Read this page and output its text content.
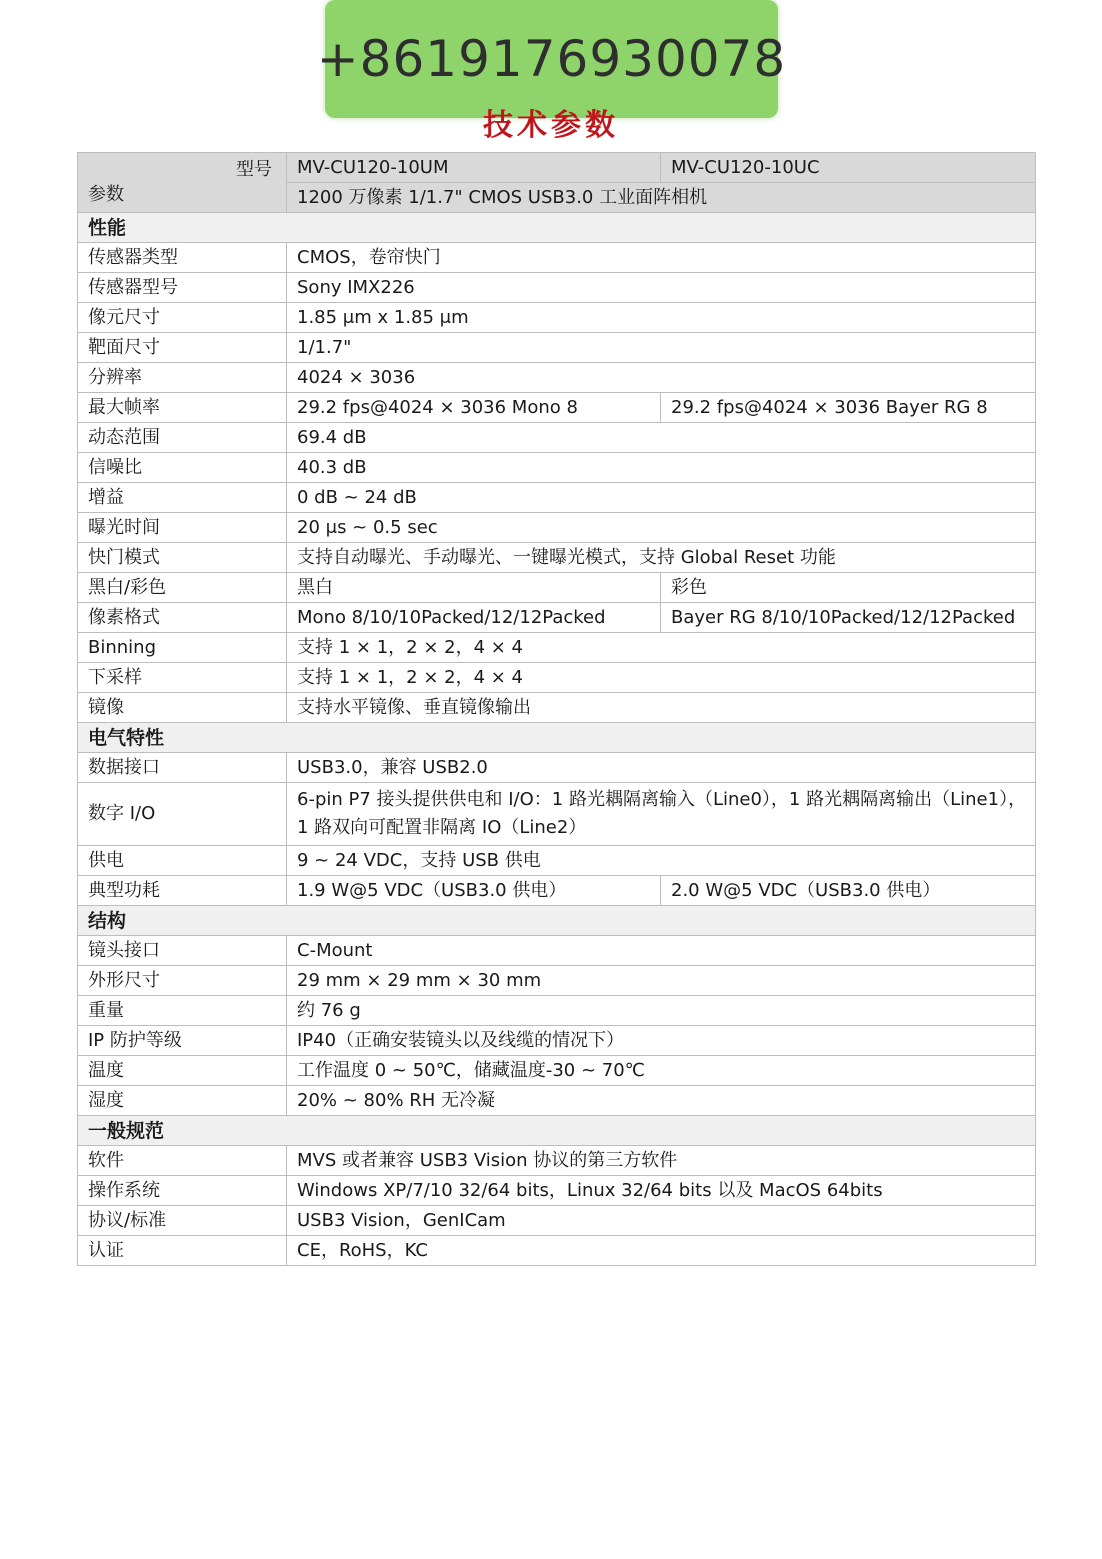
+8619176930078
技术参数
型号
参数	MV-CU120-10UM	MV-CU120-10UC
	1200 万像素 1/1.7" CMOS USB3.0 工业面阵相机	
性能		
传感器类型	CMOS，卷帘快门	
传感器型号	Sony IMX226	
像元尺寸	1.85 μm x 1.85 μm	
靶面尺寸	1/1.7"	
分辨率	4024 × 3036	
最大帧率	29.2 fps@4024 × 3036 Mono 8	29.2 fps@4024 × 3036 Bayer RG 8
动态范围	69.4 dB	
信噪比	40.3 dB	
增益	0 dB ~ 24 dB	
曝光时间	20 μs ~ 0.5 sec	
快门模式	支持自动曝光、手动曝光、一键曝光模式，支持 Global Reset 功能	
黑白/彩色	黑白	彩色
像素格式	Mono 8/10/10Packed/12/12Packed	Bayer RG 8/10/10Packed/12/12Packed
Binning	支持 1 × 1，2 × 2，4 × 4	
下采样	支持 1 × 1，2 × 2，4 × 4	
镜像	支持水平镜像、垂直镜像输出	
电气特性		
数据接口	USB3.0，兼容 USB2.0	
数字 I/O	6-pin P7 接头提供供电和 I/O：1 路光耦隔离输入（Line0），1 路光耦隔离输出（Line1），1 路双向可配置非隔离 IO（Line2）	
供电	9 ~ 24 VDC，支持 USB 供电	
典型功耗	1.9 W@5 VDC（USB3.0 供电）	2.0 W@5 VDC（USB3.0 供电）
结构		
镜头接口	C-Mount	
外形尺寸	29 mm × 29 mm × 30 mm	
重量	约 76 g	
IP 防护等级	IP40（正确安装镜头以及线缆的情况下）	
温度	工作温度 0 ~ 50℃，储藏温度-30 ~ 70℃	
湿度	20% ~ 80% RH 无冷凝	
一般规范		
软件	MVS 或者兼容 USB3 Vision 协议的第三方软件	
操作系统	Windows XP/7/10 32/64 bits，Linux 32/64 bits 以及 MacOS 64bits	
协议/标准	USB3 Vision，GenICam	
认证	CE，RoHS，KC	
